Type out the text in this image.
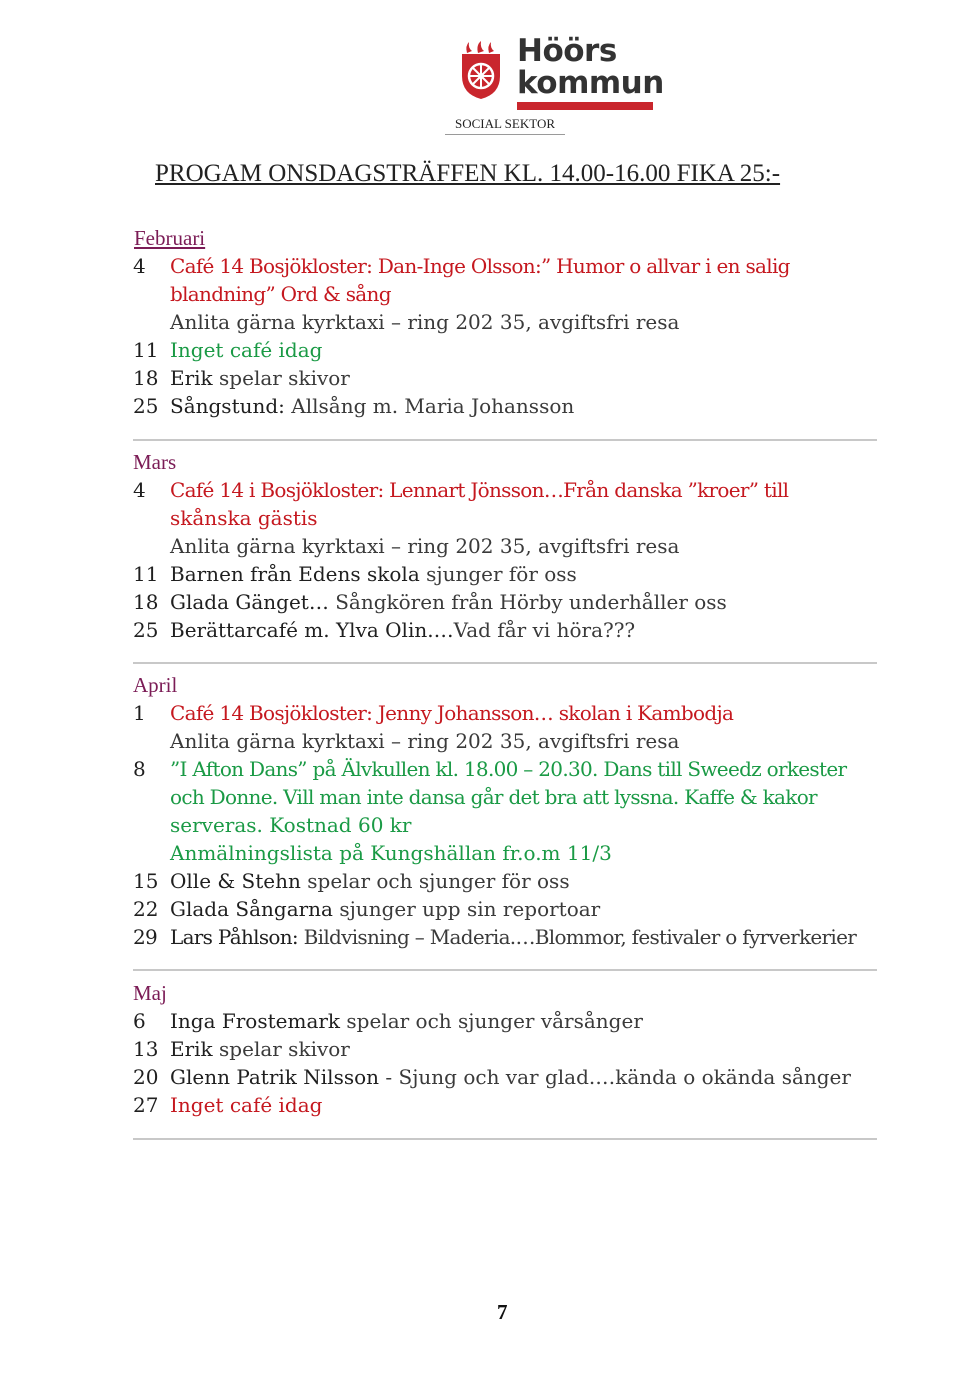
Höörs
kommun
SOCIAL SEKTOR
PROGAM ONSDAGSTRÄFFEN KL. 14.00-16.00 FIKA 25:-
Februari
4 Café 14 Bosjökloster: Dan-Inge Olsson:” Humor o allvar i en salig
blandning” Ord & sång
Anlita gärna kyrktaxi – ring 202 35, avgiftsfri resa
11 Inget café idag
18 Erik spelar skivor
25 Sångstund: Allsång m. Maria Johansson
Mars
4 Café 14 i Bosjökloster: Lennart Jönsson…Från danska ”kroer” till
skånska gästis
Anlita gärna kyrktaxi – ring 202 35, avgiftsfri resa
11 Barnen från Edens skola sjunger för oss
18 Glada Gänget… Sångkören från Hörby underhåller oss
25 Berättarcafé m. Ylva Olin.…Vad får vi höra???
April
1 Café 14 Bosjökloster: Jenny Johansson… skolan i Kambodja
Anlita gärna kyrktaxi – ring 202 35, avgiftsfri resa
8 ”I Afton Dans” på Älvkullen kl. 18.00 – 20.30. Dans till Sweedz orkester
och Donne. Vill man inte dansa går det bra att lyssna. Kaffe & kakor
serveras. Kostnad 60 kr
Anmälningslista på Kungshällan fr.o.m 11/3
15 Olle & Stehn spelar och sjunger för oss
22 Glada Sångarna sjunger upp sin reportoar
29 Lars Påhlson: Bildvisning – Maderia.…Blommor, festivaler o fyrverkerier
Maj
6 Inga Frostemark spelar och sjunger vårsånger
13 Erik spelar skivor
20 Glenn Patrik Nilsson - Sjung och var glad.…kända o okända sånger
27 Inget café idag
7
